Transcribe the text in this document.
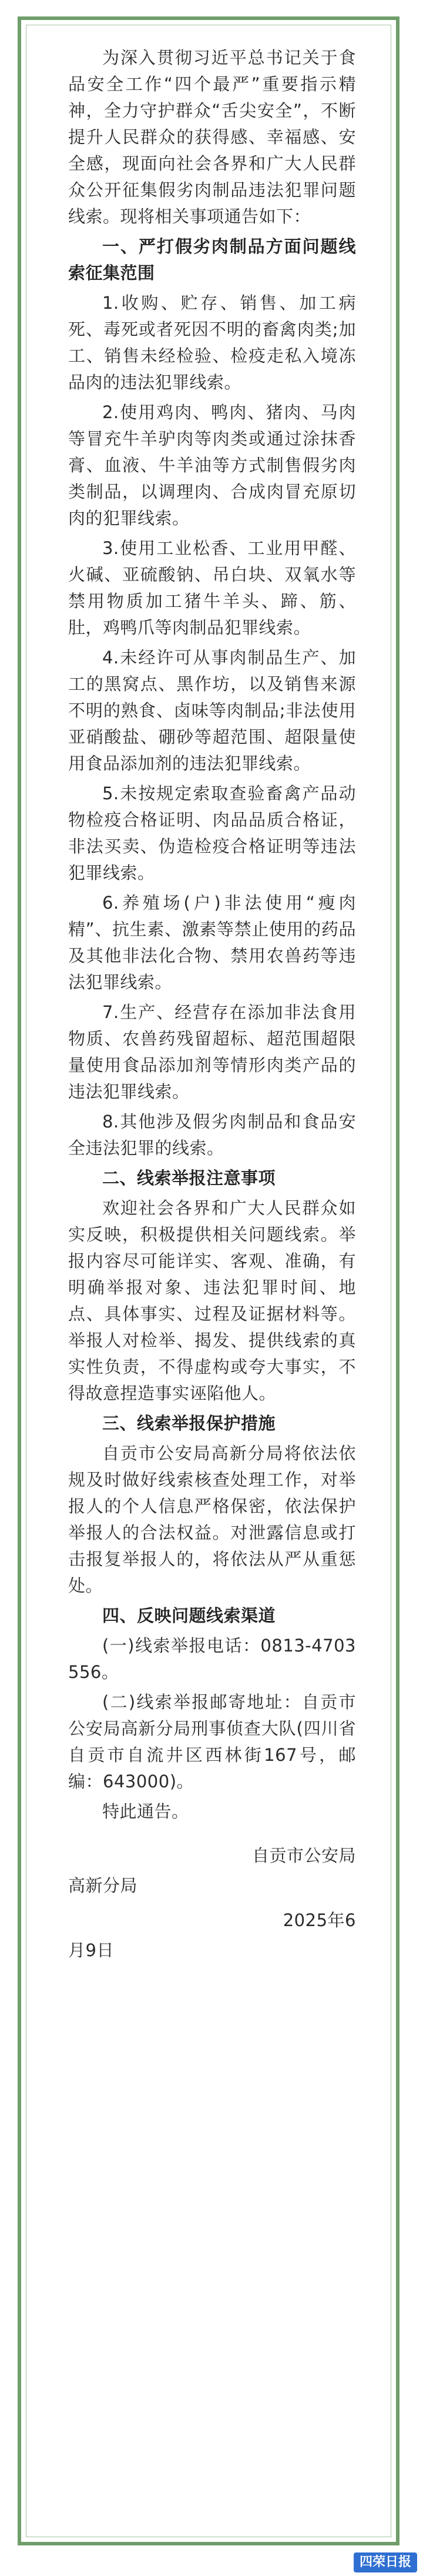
为深入贯彻习近平总书记关于食品安全工作“四个最严”重要指示精神，全力守护群众“舌尖安全”，不断提升人民群众的获得感、幸福感、安全感，现面向社会各界和广大人民群众公开征集假劣肉制品违法犯罪问题线索。现将相关事项通告如下：

一、严打假劣肉制品方面问题线索征集范围

1.收购、贮存、销售、加工病死、毒死或者死因不明的畜禽肉类;加工、销售未经检验、检疫走私入境冻品肉的违法犯罪线索。

2.使用鸡肉、鸭肉、猪肉、马肉等冒充牛羊驴肉等肉类或通过涂抹香膏、血液、牛羊油等方式制售假劣肉类制品，以调理肉、合成肉冒充原切肉的犯罪线索。

3.使用工业松香、工业用甲醛、火碱、亚硫酸钠、吊白块、双氧水等禁用物质加工猪牛羊头、蹄、筋、肚，鸡鸭爪等肉制品犯罪线索。

4.未经许可从事肉制品生产、加工的黑窝点、黑作坊，以及销售来源不明的熟食、卤味等肉制品;非法使用亚硝酸盐、硼砂等超范围、超限量使用食品添加剂的违法犯罪线索。

5.未按规定索取查验畜禽产品动物检疫合格证明、肉品品质合格证，非法买卖、伪造检疫合格证明等违法犯罪线索。

6.养殖场(户)非法使用“瘦肉精”、抗生素、激素等禁止使用的药品及其他非法化合物、禁用农兽药等违法犯罪线索。

7.生产、经营存在添加非法食用物质、农兽药残留超标、超范围超限量使用食品添加剂等情形肉类产品的违法犯罪线索。

8.其他涉及假劣肉制品和食品安全违法犯罪的线索。

二、线索举报注意事项

欢迎社会各界和广大人民群众如实反映，积极提供相关问题线索。举报内容尽可能详实、客观、准确，有明确举报对象、违法犯罪时间、地点、具体事实、过程及证据材料等。举报人对检举、揭发、提供线索的真实性负责，不得虚构或夸大事实，不得故意捏造事实诬陷他人。

三、线索举报保护措施

自贡市公安局高新分局将依法依规及时做好线索核查处理工作，对举报人的个人信息严格保密，依法保护举报人的合法权益。对泄露信息或打击报复举报人的，将依法从严从重惩处。

四、反映问题线索渠道

(一)线索举报电话：0813-4703556。

(二)线索举报邮寄地址：自贡市公安局高新分局刑事侦查大队(四川省自贡市自流井区西林街167号，邮编：643000)。

特此通告。

自贡市公安局

高新分局

2025年6

月9日

四荣日报
